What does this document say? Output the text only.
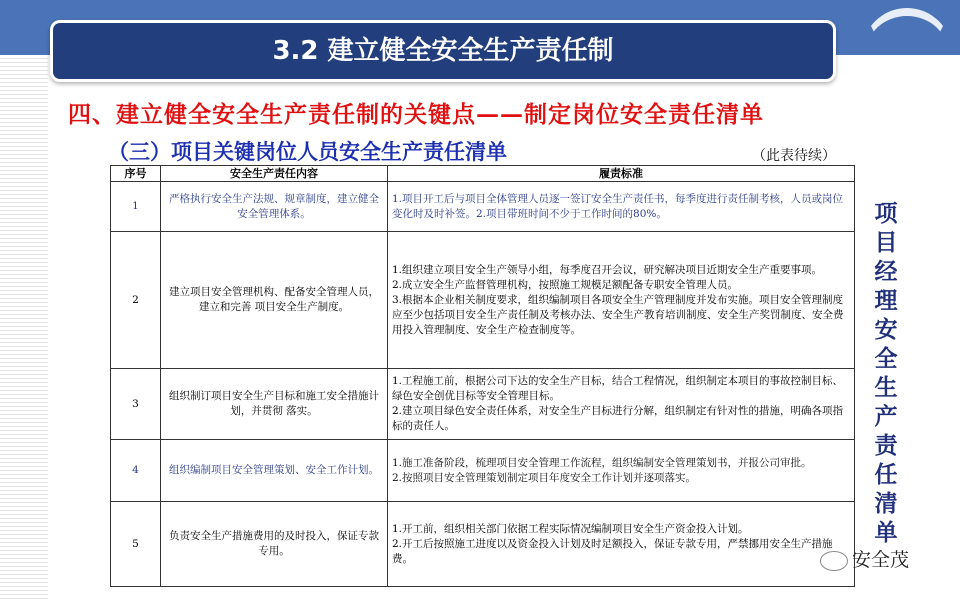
3.2 建立健全安全生产责任制
四、建立健全安全生产责任制的关键点——制定岗位安全责任清单
（三）项目关键岗位人员安全生产责任清单	（此表待续）
序号	安全生产责任内容	履责标准
1	严格执行安全生产法规、规章制度，建立健全安全管理体系。	1.项目开工后与项目全体管理人员逐一签订安全生产责任书，每季度进行责任制考核，人员或岗位变化时及时补签。2.项目带班时间不少于工作时间的80%。
2	建立项目安全管理机构、配备安全管理人员，建立和完善 项目安全生产制度。	1.组织建立项目安全生产领导小组，每季度召开会议，研究解决项目近期安全生产重要事项。
2.成立安全生产监督管理机构，按照施工规模足额配备专职安全管理人员。
3.根据本企业相关制度要求，组织编制项目各项安全生产管理制度并发布实施。项目安全管理制度应至少包括项目安全生产责任制及考核办法、安全生产教育培训制度、安全生产奖罚制度、安全费用投入管理制度、安全生产检查制度等。
3	组织制订项目安全生产目标和施工安全措施计划，并贯彻 落实。	1.工程施工前，根据公司下达的安全生产目标，结合工程情况，组织制定本项目的事故控制目标、绿色安全创优目标等安全管理目标。
2.建立项目绿色安全责任体系，对安全生产目标进行分解，组织制定有针对性的措施，明确各项指标的责任人。
4	组织编制项目安全管理策划、安全工作计划。	1.施工准备阶段，梳理项目安全管理工作流程，组织编制安全管理策划书，并报公司审批。
2.按照项目安全管理策划制定项目年度安全工作计划并逐项落实。
5	负责安全生产措施费用的及时投入，保证专款专用。	1.开工前，组织相关部门依据工程实际情况编制项目安全生产资金投入计划。
2.开工后按照施工进度以及资金投入计划及时足额投入，保证专款专用，严禁挪用安全生产措施费。
项
目
经
理
安
全
生
产
责
任
清
单
安全茂
